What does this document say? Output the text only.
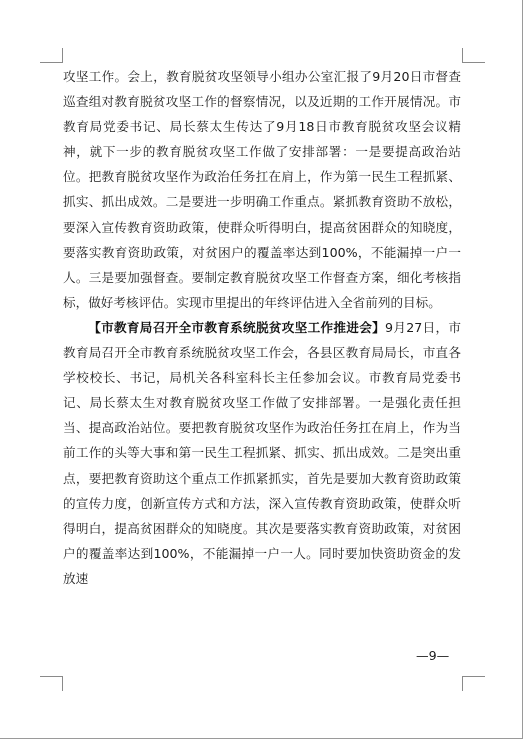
攻坚工作。会上，教育脱贫攻坚领导小组办公室汇报了9月20日市督查巡查组对教育脱贫攻坚工作的督察情况，以及近期的工作开展情况。市教育局党委书记、局长蔡太生传达了9月18日市教育脱贫攻坚会议精神，就下一步的教育脱贫攻坚工作做了安排部署：一是要提高政治站位。把教育脱贫攻坚作为政治任务扛在肩上，作为第一民生工程抓紧、抓实、抓出成效。二是要进一步明确工作重点。紧抓教育资助不放松，要深入宣传教育资助政策，使群众听得明白，提高贫困群众的知晓度，要落实教育资助政策，对贫困户的覆盖率达到100%，不能漏掉一户一人。三是要加强督查。要制定教育脱贫攻坚工作督查方案，细化考核指标，做好考核评估。实现市里提出的年终评估进入全省前列的目标。

【市教育局召开全市教育系统脱贫攻坚工作推进会】9月27日，市教育局召开全市教育系统脱贫攻坚工作会，各县区教育局局长，市直各学校校长、书记，局机关各科室科长主任参加会议。市教育局党委书记、局长蔡太生对教育脱贫攻坚工作做了安排部署。一是强化责任担当、提高政治站位。要把教育脱贫攻坚作为政治任务扛在肩上，作为当前工作的头等大事和第一民生工程抓紧、抓实、抓出成效。二是突出重点，要把教育资助这个重点工作抓紧抓实，首先是要加大教育资助政策的宣传力度，创新宣传方式和方法，深入宣传教育资助政策，使群众听得明白，提高贫困群众的知晓度。其次是要落实教育资助政策，对贫困户的覆盖率达到100%，不能漏掉一户一人。同时要加快资助资金的发放速

—9—
